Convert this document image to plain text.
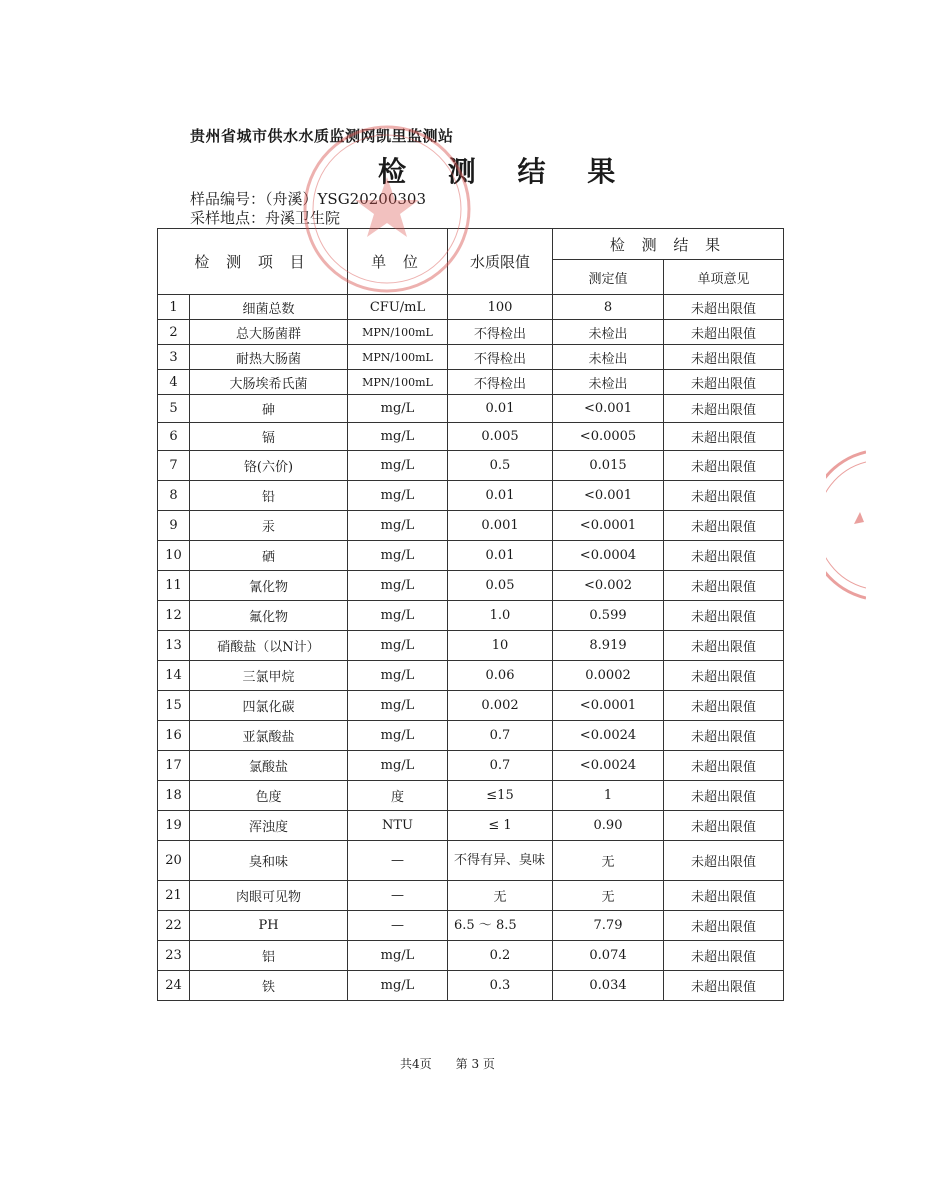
贵州省城市供水水质监测网凯里监测站
检 测 结 果
样品编号：（舟溪）YSG20200303
采样地点：舟溪卫生院
检 测 项 目		单 位	水质限值	检 测 结 果	
				测定值	单项意见
1	细菌总数	CFU/mL	100	8	未超出限值
2	总大肠菌群	MPN/100mL	不得检出	未检出	未超出限值
3	耐热大肠菌	MPN/100mL	不得检出	未检出	未超出限值
4	大肠埃希氏菌	MPN/100mL	不得检出	未检出	未超出限值
5	砷	mg/L	0.01	<0.001	未超出限值
6	镉	mg/L	0.005	<0.0005	未超出限值
7	铬(六价)	mg/L	0.5	0.015	未超出限值
8	铅	mg/L	0.01	<0.001	未超出限值
9	汞	mg/L	0.001	<0.0001	未超出限值
10	硒	mg/L	0.01	<0.0004	未超出限值
11	氰化物	mg/L	0.05	<0.002	未超出限值
12	氟化物	mg/L	1.0	0.599	未超出限值
13	硝酸盐（以N计）	mg/L	10	8.919	未超出限值
14	三氯甲烷	mg/L	0.06	0.0002	未超出限值
15	四氯化碳	mg/L	0.002	<0.0001	未超出限值
16	亚氯酸盐	mg/L	0.7	<0.0024	未超出限值
17	氯酸盐	mg/L	0.7	<0.0024	未超出限值
18	色度	度	≤15	1	未超出限值
19	浑浊度	NTU	≤ 1	0.90	未超出限值
20	臭和味	—	不得有异、臭味	无	未超出限值
21	肉眼可见物	—	无	无	未超出限值
22	PH	—	6.5 ～ 8.5	7.79	未超出限值
23	铝	mg/L	0.2	0.074	未超出限值
24	铁	mg/L	0.3	0.034	未超出限值
共4页 第 3 页
